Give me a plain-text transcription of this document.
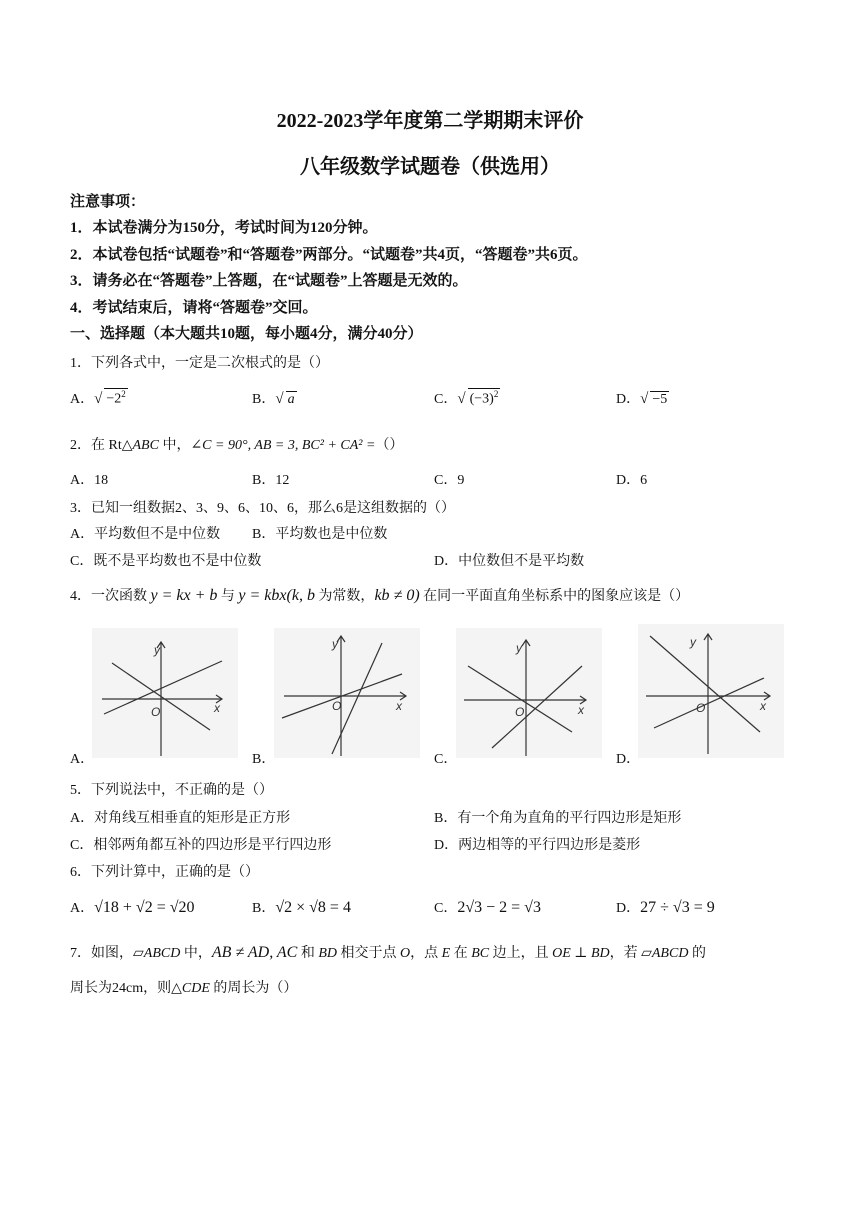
2022-2023学年度第二学期期末评价
八年级数学试题卷（供选用）
注意事项：
1．本试卷满分为150分，考试时间为120分钟。
2．本试卷包括“试题卷”和“答题卷”两部分。“试题卷”共4页，“答题卷”共6页。
3．请务必在“答题卷”上答题，在“试题卷”上答题是无效的。
4．考试结束后，请将“答题卷”交回。
一、选择题（本大题共10题，每小题4分，满分40分）
1．下列各式中，一定是二次根式的是（）
A．√ $-2^2$	B．√ a	C．√ $(-3)^2$	D．√ −5
2．在 Rt△ABC 中，∠C = 90°, AB = 3, BC² + CA² =（）
A．18	B．12	C．9	D．6
3．已知一组数据2、3、9、6、10、6，那么6是这组数据的（）
A．平均数但不是中位数 B．平均数也是中位数
C．既不是平均数也不是中位数	D．中位数但不是平均数
4．一次函数 y = kx + b 与 y = kbx(k, b 为常数，kb ≠ 0) 在同一平面直角坐标系中的图象应该是（）
y
x
O
y
x
O
y
x
O
y
x
O
A．	B．	C．	D．
5．下列说法中，不正确的是（）
A．对角线互相垂直的矩形是正方形	B．有一个角为直角的平行四边形是矩形
C．相邻两角都互补的四边形是平行四边形	D．两边相等的平行四边形是菱形
6．下列计算中，正确的是（）
A．√18 + √2 = √20	B．√2 × √8 = 4	C．2√3 − 2 = √3	D．27 ÷ √3 = 9
7．如图，▱ABCD 中，AB ≠ AD, AC 和 BD 相交于点 O，点 E 在 BC 边上，且 OE ⊥ BD，若 ▱ABCD 的
周长为24cm，则△CDE 的周长为（）
